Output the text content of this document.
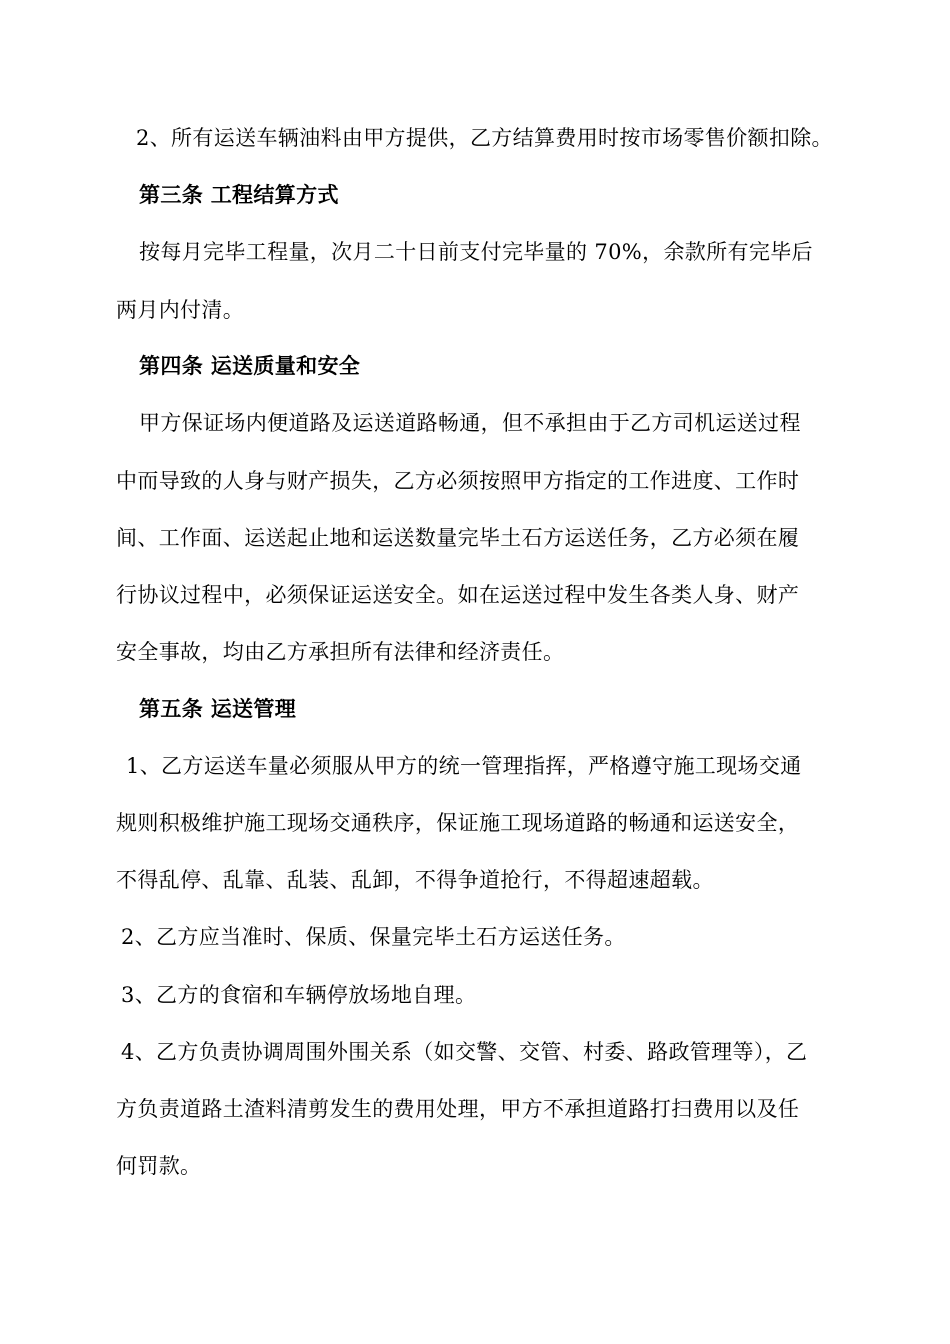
2、所有运送车辆油料由甲方提供，乙方结算费用时按市场零售价额扣除。
第三条 工程结算方式
按每月完毕工程量，次月二十日前支付完毕量的 70%，余款所有完毕后
两月内付清。
第四条 运送质量和安全
甲方保证场内便道路及运送道路畅通，但不承担由于乙方司机运送过程
中而导致的人身与财产损失，乙方必须按照甲方指定的工作进度、工作时
间、工作面、运送起止地和运送数量完毕土石方运送任务，乙方必须在履
行协议过程中，必须保证运送安全。如在运送过程中发生各类人身、财产
安全事故，均由乙方承担所有法律和经济责任。
第五条 运送管理
1、乙方运送车量必须服从甲方的统一管理指挥，严格遵守施工现场交通
规则积极维护施工现场交通秩序，保证施工现场道路的畅通和运送安全，
不得乱停、乱靠、乱装、乱卸，不得争道抢行，不得超速超载。
2、乙方应当准时、保质、保量完毕土石方运送任务。
3、乙方的食宿和车辆停放场地自理。
4、乙方负责协调周围外围关系（如交警、交管、村委、路政管理等），乙
方负责道路土渣料清剪发生的费用处理，甲方不承担道路打扫费用以及任
何罚款。
